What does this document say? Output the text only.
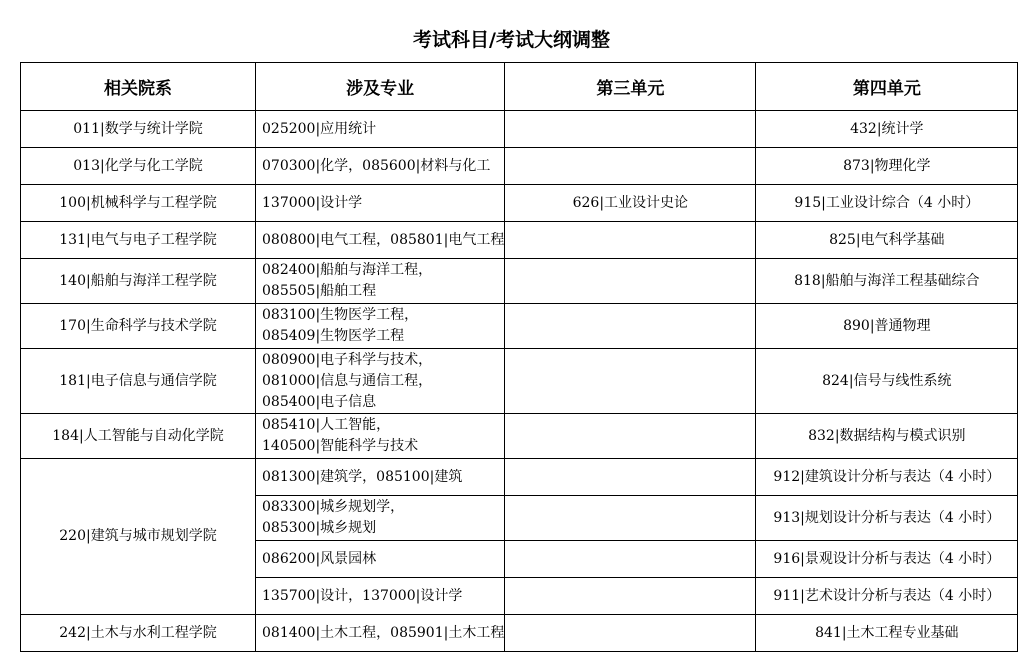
考试科目/考试大纲调整
相关院系	涉及专业	第三单元	第四单元
011|数学与统计学院	025200|应用统计		432|统计学
013|化学与化工学院	070300|化学，085600|材料与化工		873|物理化学
100|机械科学与工程学院	137000|设计学	626|工业设计史论	915|工业设计综合（4 小时）
131|电气与电子工程学院	080800|电气工程，085801|电气工程		825|电气科学基础
140|船舶与海洋工程学院	082400|船舶与海洋工程，
085505|船舶工程		818|船舶与海洋工程基础综合
170|生命科学与技术学院	083100|生物医学工程，
085409|生物医学工程		890|普通物理
181|电子信息与通信学院	080900|电子科学与技术，
081000|信息与通信工程，
085400|电子信息		824|信号与线性系统
184|人工智能与自动化学院	085410|人工智能，
140500|智能科学与技术		832|数据结构与模式识别
220|建筑与城市规划学院	081300|建筑学，085100|建筑		912|建筑设计分析与表达（4 小时）

	083300|城乡规划学，
085300|城乡规划		913|规划设计分析与表达（4 小时）

	086200|风景园林		916|景观设计分析与表达（4 小时）

	135700|设计，137000|设计学		911|艺术设计分析与表达（4 小时）
242|土木与水利工程学院	081400|土木工程，085901|土木工程		841|土木工程专业基础
